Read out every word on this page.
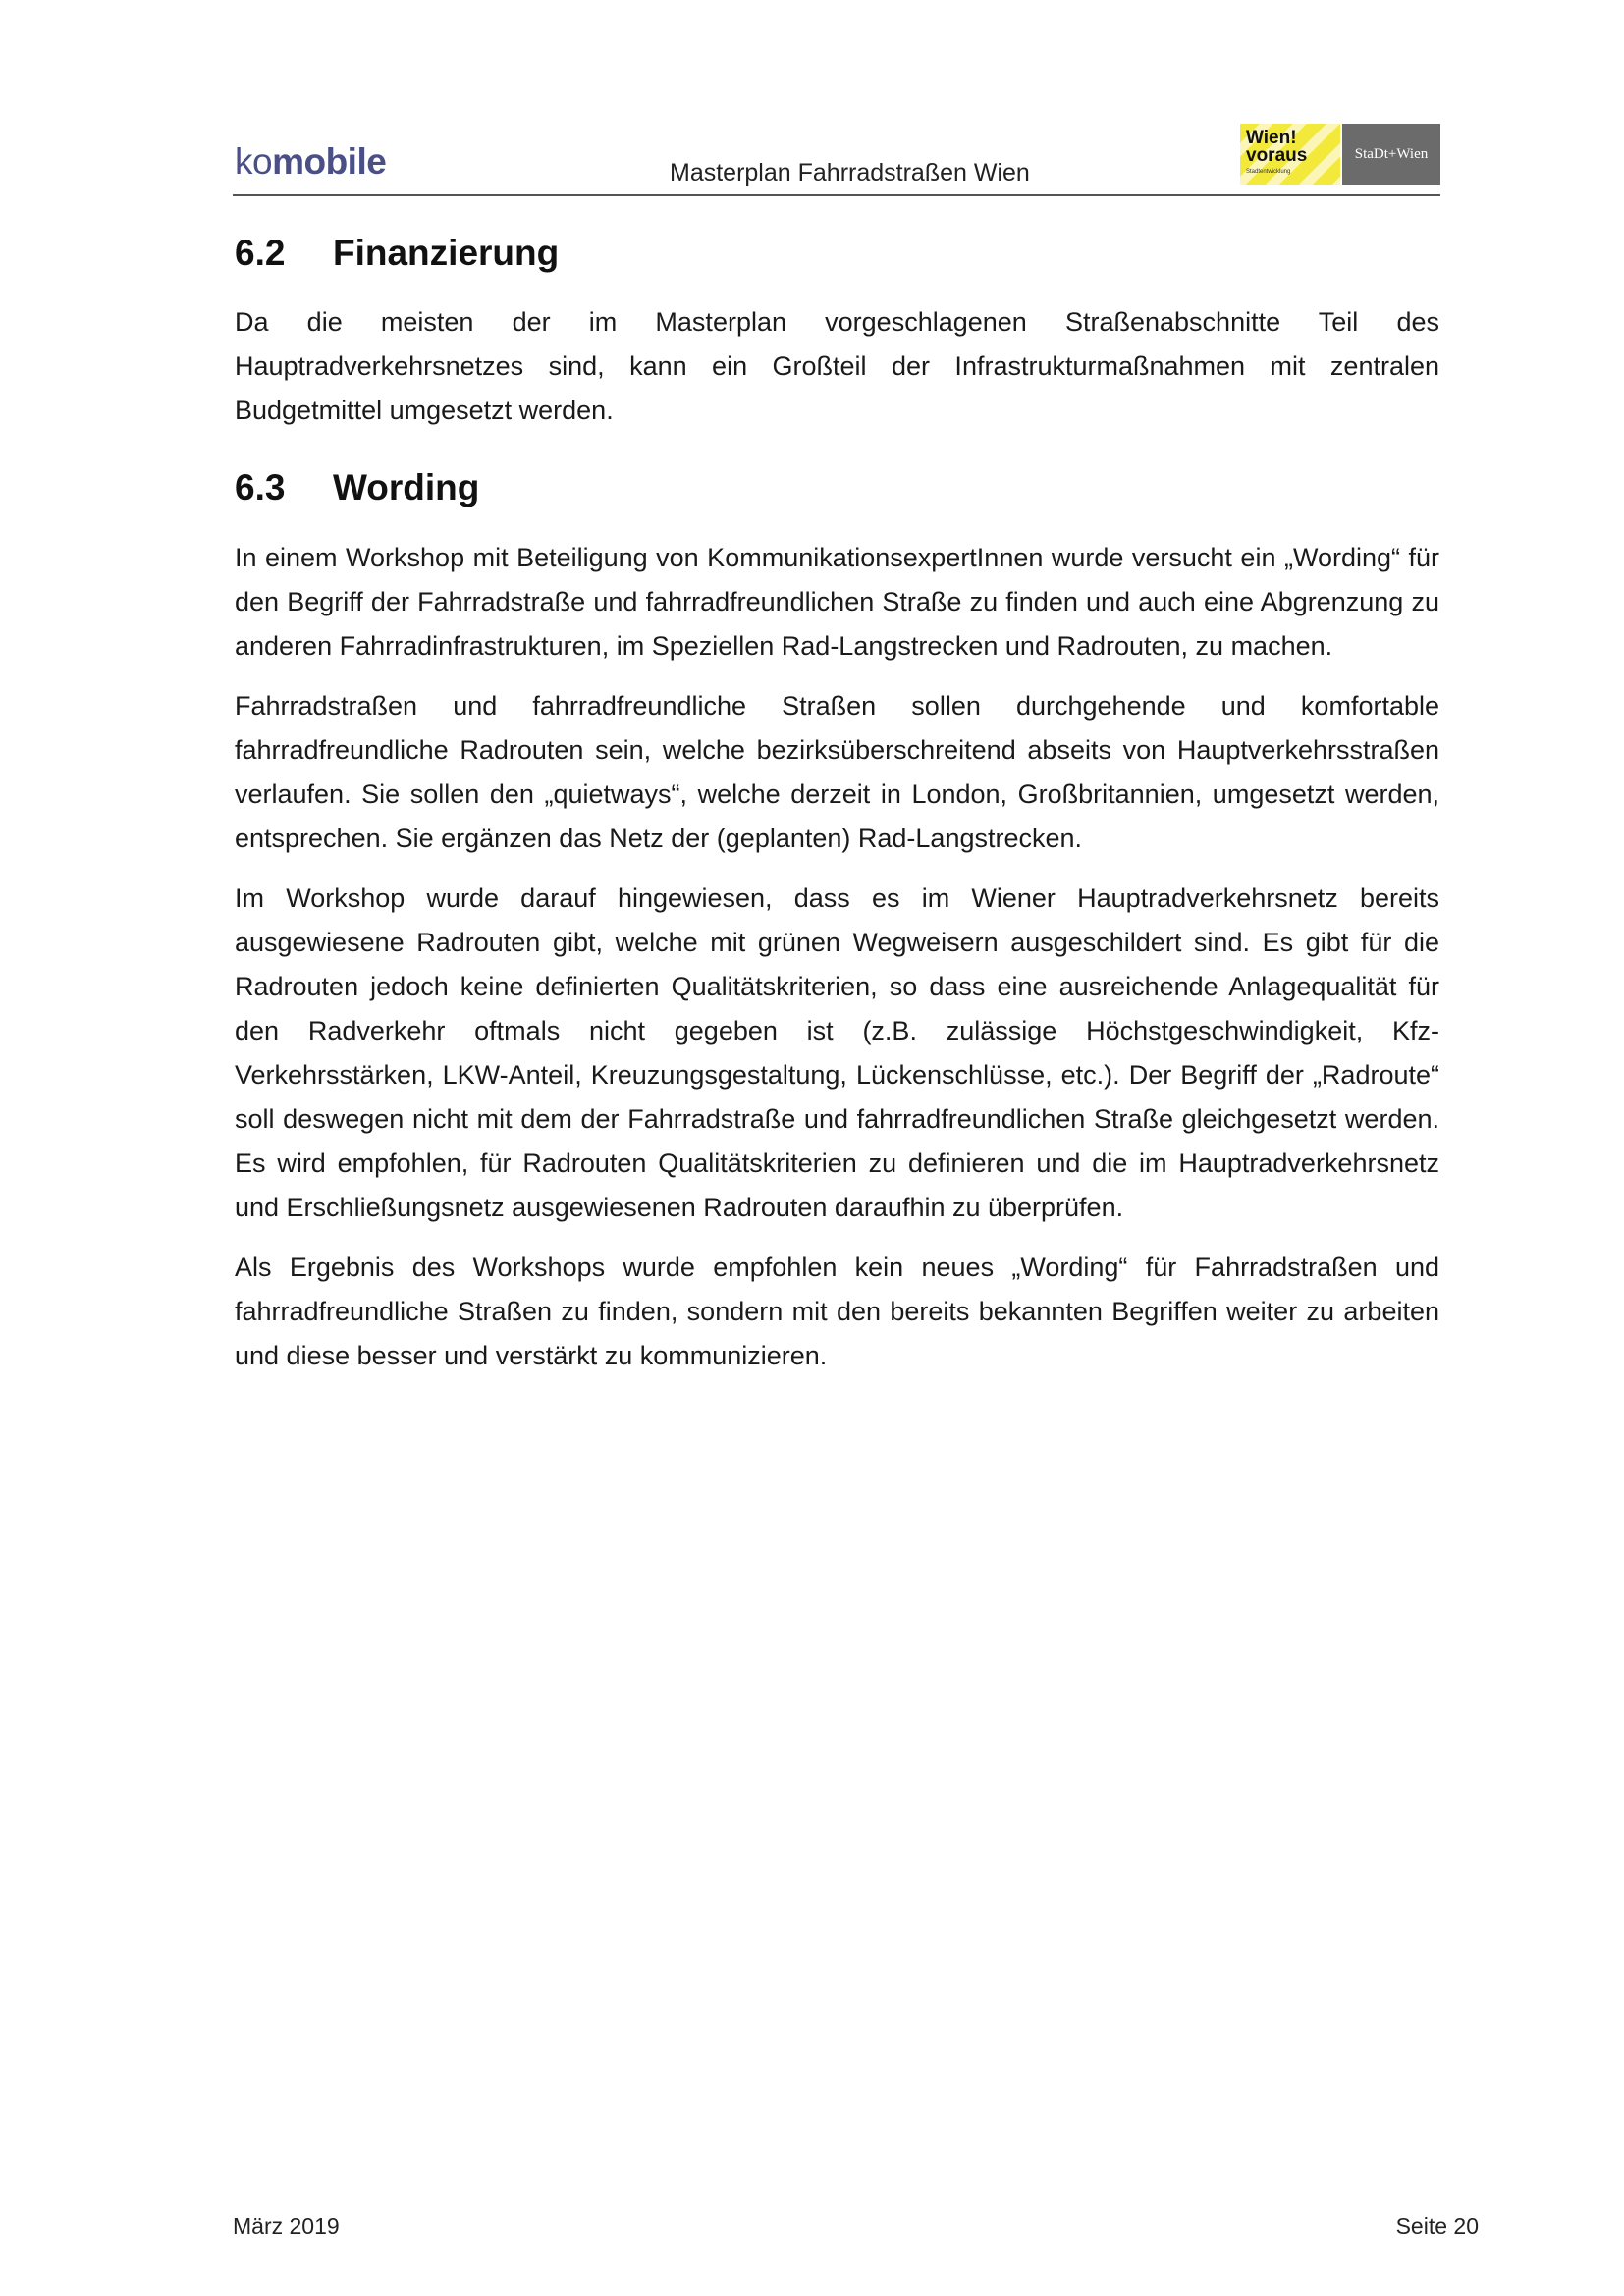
komobile	Masterplan Fahrradstraßen Wien
Wien!
voraus
Stadtentwicklung
StaDt+Wien
6.2 Finanzierung

Da die meisten der im Masterplan vorgeschlagenen Straßenabschnitte Teil des Hauptradverkehrsnetzes sind, kann ein Großteil der Infrastrukturmaßnahmen mit zentralen Budgetmittel umgesetzt werden.

6.3 Wording

In einem Workshop mit Beteiligung von KommunikationsexpertInnen wurde versucht ein „Wording“ für den Begriff der Fahrradstraße und fahrradfreundlichen Straße zu finden und auch eine Abgrenzung zu anderen Fahrradinfrastrukturen, im Speziellen Rad-Langstrecken und Radrouten, zu machen.

Fahrradstraßen und fahrradfreundliche Straßen sollen durchgehende und komfortable fahrradfreundliche Radrouten sein, welche bezirksüberschreitend abseits von Hauptverkehrsstraßen verlaufen. Sie sollen den „quietways“, welche derzeit in London, Großbritannien, umgesetzt werden, entsprechen. Sie ergänzen das Netz der (geplanten) Rad-Langstrecken.

Im Workshop wurde darauf hingewiesen, dass es im Wiener Hauptradverkehrsnetz bereits ausgewiesene Radrouten gibt, welche mit grünen Wegweisern ausgeschildert sind. Es gibt für die Radrouten jedoch keine definierten Qualitätskriterien, so dass eine ausreichende Anlagequalität für den Radverkehr oftmals nicht gegeben ist (z.B. zulässige Höchstgeschwindigkeit, Kfz-Verkehrsstärken, LKW-Anteil, Kreuzungsgestaltung, Lückenschlüsse, etc.). Der Begriff der „Radroute“ soll deswegen nicht mit dem der Fahrradstraße und fahrradfreundlichen Straße gleichgesetzt werden. Es wird empfohlen, für Radrouten Qualitätskriterien zu definieren und die im Hauptradverkehrsnetz und Erschließungsnetz ausgewiesenen Radrouten daraufhin zu überprüfen.

Als Ergebnis des Workshops wurde empfohlen kein neues „Wording“ für Fahrradstraßen und fahrradfreundliche Straßen zu finden, sondern mit den bereits bekannten Begriffen weiter zu arbeiten und diese besser und verstärkt zu kommunizieren.

März 2019	Seite 20
